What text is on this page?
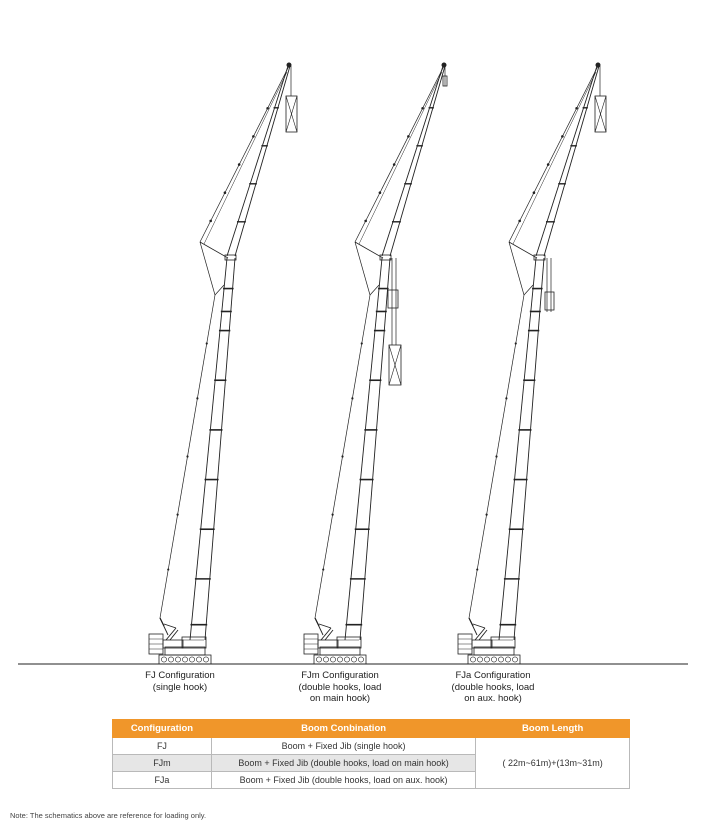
FJ Configuration
(single hook)
FJm Configuration
(double hooks, load
on main hook)
FJa Configuration
(double hooks, load
on aux. hook)
Configuration	Boom Conbination	Boom Length
FJ	Boom + Fixed Jib (single hook)	( 22m~61m)+(13m~31m)
FJm	Boom + Fixed Jib (double hooks, load on main hook)	
FJa	Boom + Fixed Jib (double hooks, load on aux. hook)	
Note: The schematics above are reference for loading only.
